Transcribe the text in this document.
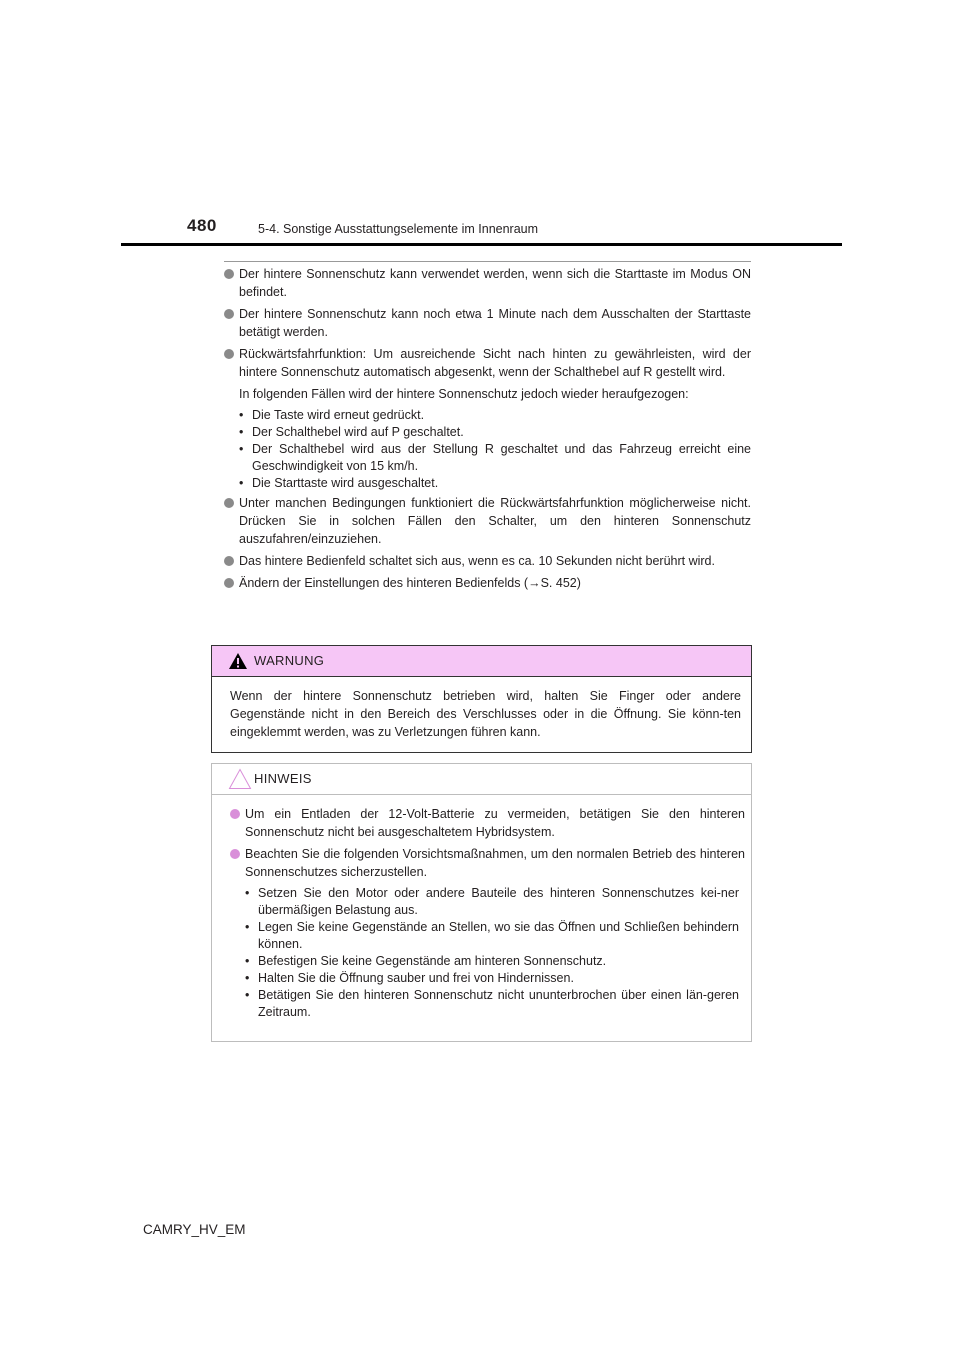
480	5-4. Sonstige Ausstattungselemente im Innenraum
Der hintere Sonnenschutz kann verwendet werden, wenn sich die Starttaste im Modus ON befindet.
Der hintere Sonnenschutz kann noch etwa 1 Minute nach dem Ausschalten der Starttaste betätigt werden.
Rückwärtsfahrfunktion: Um ausreichende Sicht nach hinten zu gewährleisten, wird der hintere Sonnenschutz automatisch abgesenkt, wenn der Schalthebel auf R gestellt wird.
In folgenden Fällen wird der hintere Sonnenschutz jedoch wieder heraufgezogen:
• Die Taste wird erneut gedrückt.
• Der Schalthebel wird auf P geschaltet.
• Der Schalthebel wird aus der Stellung R geschaltet und das Fahrzeug erreicht eine Geschwindigkeit von 15 km/h.
• Die Starttaste wird ausgeschaltet.
Unter manchen Bedingungen funktioniert die Rückwärtsfahrfunktion möglicherweise nicht. Drücken Sie in solchen Fällen den Schalter, um den hinteren Sonnenschutz auszufahren/einzuziehen.
Das hintere Bedienfeld schaltet sich aus, wenn es ca. 10 Sekunden nicht berührt wird.
Ändern der Einstellungen des hinteren Bedienfelds (→S. 452)
WARNUNG
Wenn der hintere Sonnenschutz betrieben wird, halten Sie Finger oder andere Gegenstände nicht in den Bereich des Verschlusses oder in die Öffnung. Sie könn-ten eingeklemmt werden, was zu Verletzungen führen kann.
HINWEIS
Um ein Entladen der 12-Volt-Batterie zu vermeiden, betätigen Sie den hinteren Sonnenschutz nicht bei ausgeschaltetem Hybridsystem.
Beachten Sie die folgenden Vorsichtsmaßnahmen, um den normalen Betrieb des hinteren Sonnenschutzes sicherzustellen.
• Setzen Sie den Motor oder andere Bauteile des hinteren Sonnenschutzes kei-ner übermäßigen Belastung aus.
• Legen Sie keine Gegenstände an Stellen, wo sie das Öffnen und Schließen behindern können.
• Befestigen Sie keine Gegenstände am hinteren Sonnenschutz.
• Halten Sie die Öffnung sauber und frei von Hindernissen.
• Betätigen Sie den hinteren Sonnenschutz nicht ununterbrochen über einen län-geren Zeitraum.
CAMRY_HV_EM
